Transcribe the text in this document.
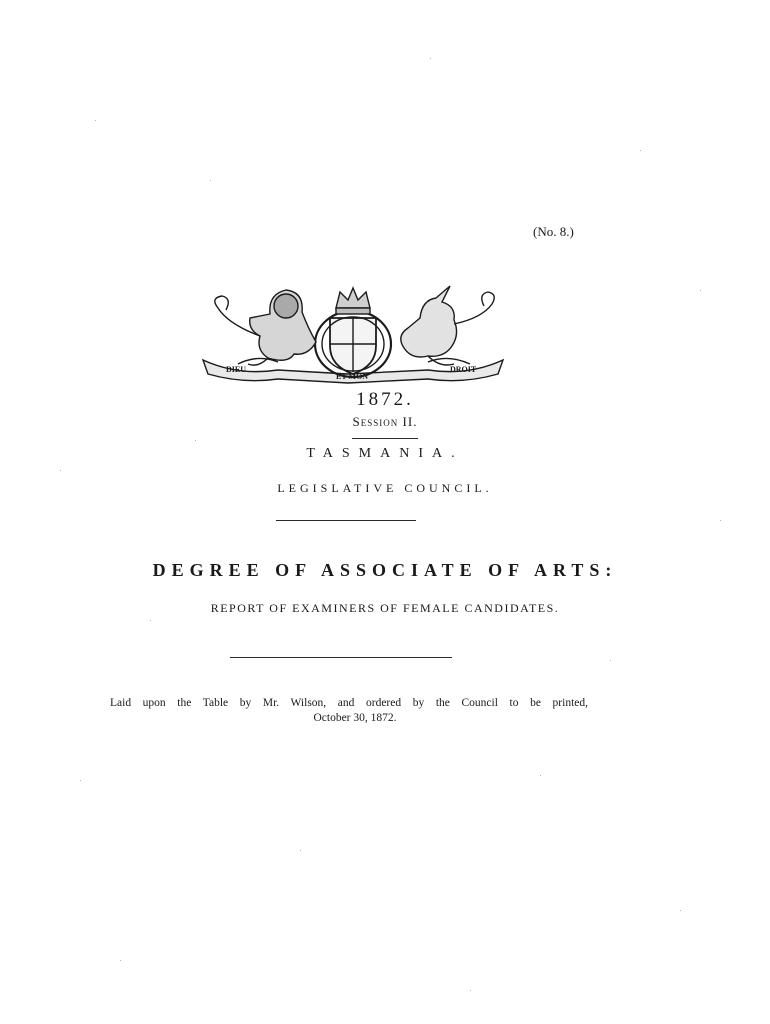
(No. 8.)
DIEU
ET MON
DROIT
1872.
Session II.
TASMANIA.
LEGISLATIVE COUNCIL.
DEGREE OF ASSOCIATE OF ARTS:
REPORT OF EXAMINERS OF FEMALE CANDIDATES.
Laid upon the Table by Mr. Wilson, and ordered by the Council to be printed,
October 30, 1872.
